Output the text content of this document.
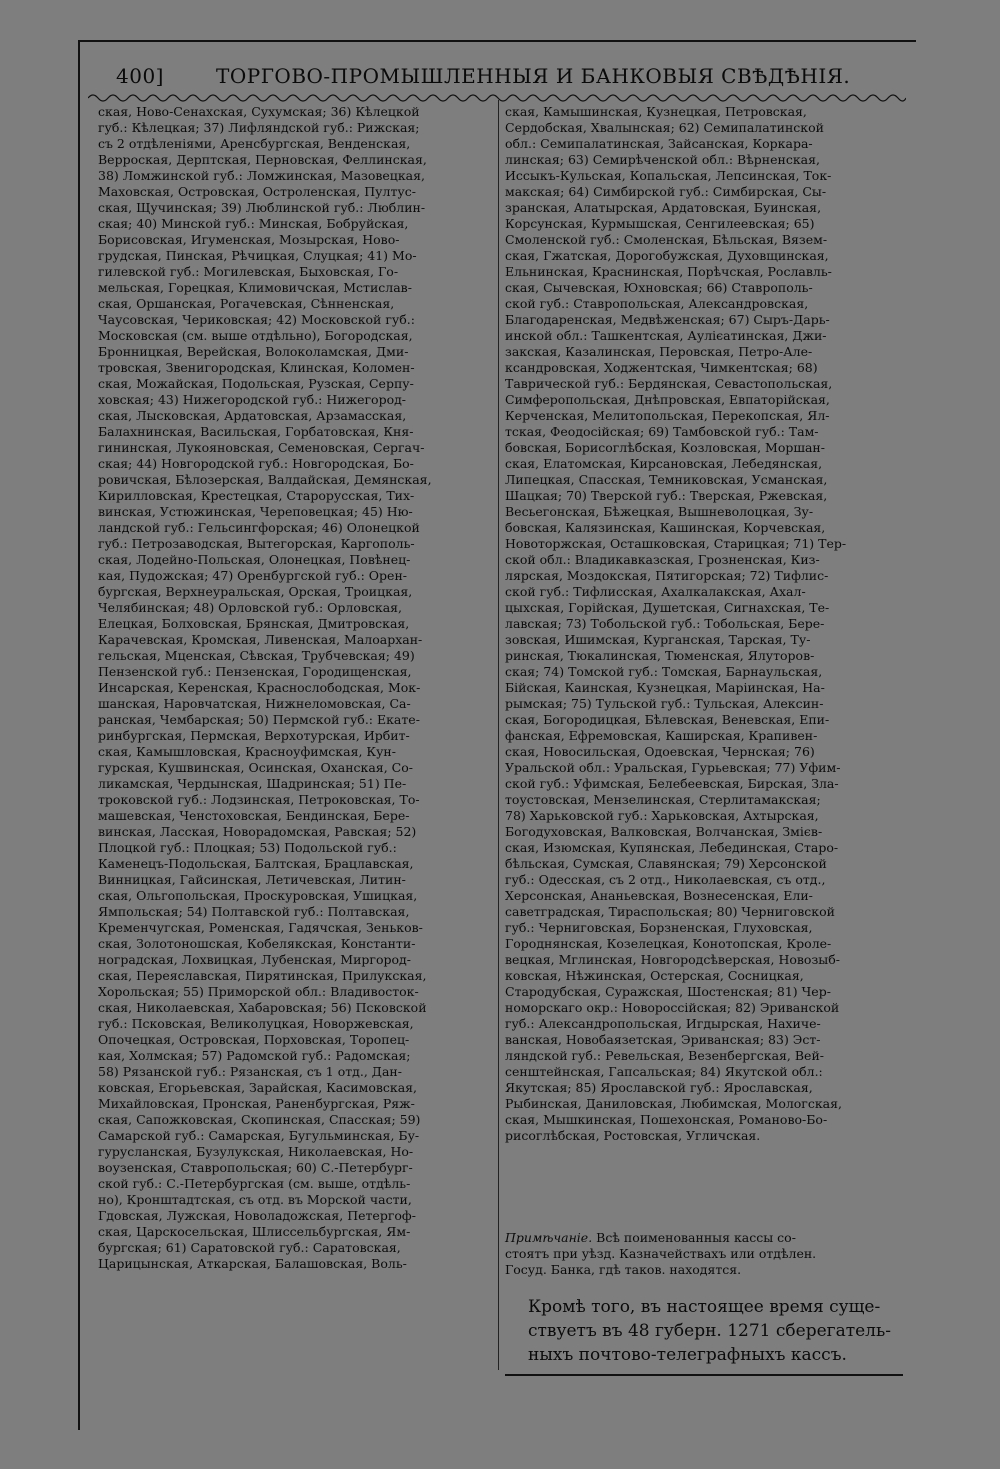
400]	ТОРГОВО-ПРОМЫШЛЕННЫЯ И БАНКОВЫЯ СВѢДѢНІЯ.
ская, Ново-Сенахская, Сухумская; 36) Кѣлецкой
губ.: Кѣлецкая; 37) Лифляндской губ.: Рижская;
съ 2 отдѣленіями, Аренсбургская, Венденская,
Верроская, Дерптская, Перновская, Феллинская,
38) Ломжинской губ.: Ломжинская, Мазовецкая,
Маховская, Островская, Остроленская, Пултус-
ская, Щучинская; 39) Люблинской губ.: Люблин-
ская; 40) Минской губ.: Минская, Бобруйская,
Борисовская, Игуменская, Мозырская, Ново-
грудская, Пинская, Рѣчицкая, Слуцкая; 41) Мо-
гилевской губ.: Могилевская, Быховская, Го-
мельская, Горецкая, Климовичская, Мстислав-
ская, Оршанская, Рогачевская, Сѣнненская,
Чаусовская, Чериковская; 42) Московской губ.:
Московская (см. выше отдѣльно), Богородская,
Бронницкая, Верейская, Волоколамская, Дми-
тровская, Звенигородская, Клинская, Коломен-
ская, Можайская, Подольская, Рузская, Серпу-
ховская; 43) Нижегородской губ.: Нижегород-
ская, Лысковская, Ардатовская, Арзамасская,
Балахнинская, Васильская, Горбатовская, Кня-
гининская, Лукояновская, Семеновская, Сергач-
ская; 44) Новгородской губ.: Новгородская, Бо-
ровичская, Бѣлозерская, Валдайская, Демянская,
Кирилловская, Крестецкая, Старорусская, Тих-
винская, Устюжинская, Череповецкая; 45) Ню-
ландской губ.: Гельсингфорская; 46) Олонецкой
губ.: Петрозаводская, Вытегорская, Каргополь-
ская, Лодейно-Польская, Олонецкая, Повѣнец-
кая, Пудожская; 47) Оренбургской губ.: Орен-
бургская, Верхнеуральская, Орская, Троицкая,
Челябинская; 48) Орловской губ.: Орловская,
Елецкая, Болховская, Брянская, Дмитровская,
Карачевская, Кромская, Ливенская, Малоархан-
гельская, Мценская, Сѣвская, Трубчевская; 49)
Пензенской губ.: Пензенская, Городищенская,
Инсарская, Керенская, Краснослободская, Мок-
шанская, Наровчатская, Нижнеломовская, Са-
ранская, Чембарская; 50) Пермской губ.: Екате-
ринбургская, Пермская, Верхотурская, Ирбит-
ская, Камышловская, Красноуфимская, Кун-
гурская, Кушвинская, Осинская, Оханская, Со-
ликамская, Чердынская, Шадринская; 51) Пе-
троковской губ.: Лодзинская, Петроковская, То-
машевская, Ченстоховская, Бендинская, Бере-
винская, Ласская, Новорадомская, Равская; 52)
Плоцкой губ.: Плоцкая; 53) Подольской губ.:
Каменецъ-Подольская, Балтская, Брацлавская,
Винницкая, Гайсинская, Летичевская, Литин-
ская, Ольгопольская, Проскуровская, Ушицкая,
Ямпольская; 54) Полтавской губ.: Полтавская,
Кременчугская, Роменская, Гадячская, Зеньков-
ская, Золотоношская, Кобелякская, Константи-
ноградская, Лохвицкая, Лубенская, Миргород-
ская, Переяславская, Пирятинская, Прилукская,
Хорольская; 55) Приморской обл.: Владивосток-
ская, Николаевская, Хабаровская; 56) Псковской
губ.: Псковская, Великолуцкая, Новоржевская,
Опочецкая, Островская, Порховская, Торопец-
кая, Холмская; 57) Радомской губ.: Радомская;
58) Рязанской губ.: Рязанская, съ 1 отд., Дан-
ковская, Егорьевская, Зарайская, Касимовская,
Михайловская, Пронская, Раненбургская, Ряж-
ская, Сапожковская, Скопинская, Спасская; 59)
Самарской губ.: Самарская, Бугульминская, Бу-
гурусланская, Бузулукская, Николаевская, Но-
воузенская, Ставропольская; 60) С.-Петербург-
ской губ.: С.-Петербургская (см. выше, отдѣль-
но), Кронштадтская, съ отд. въ Морской части,
Гдовская, Лужская, Новоладожская, Петергоф-
ская, Царскосельская, Шлиссельбургская, Ям-
бургская; 61) Саратовской губ.: Саратовская,
Царицынская, Аткарская, Балашовская, Воль-
ская, Камышинская, Кузнецкая, Петровская,
Сердобская, Хвалынская; 62) Семипалатинской
обл.: Семипалатинская, Зайсанская, Коркара-
линская; 63) Семирѣченской обл.: Вѣрненская,
Иссыкъ-Кульская, Копальская, Лепсинская, Ток-
макская; 64) Симбирской губ.: Симбирская, Сы-
зранская, Алатырская, Ардатовская, Буинская,
Корсунская, Курмышская, Сенгилеевская; 65)
Смоленской губ.: Смоленская, Бѣльская, Вязем-
ская, Гжатская, Дорогобужская, Духовщинская,
Ельнинская, Краснинская, Порѣчская, Рославль-
ская, Сычевская, Юхновская; 66) Ставрополь-
ской губ.: Ставропольская, Александровская,
Благодаренская, Медвѣженская; 67) Сыръ-Дарь-
инской обл.: Ташкентская, Аулієатинская, Джи-
закская, Казалинская, Перовская, Петро-Але-
ксандровская, Ходжентская, Чимкентская; 68)
Таврической губ.: Бердянская, Севастопольская,
Симферопольская, Днѣпровская, Евпаторійская,
Керченская, Мелитопольская, Перекопская, Ял-
тская, Феодосійская; 69) Тамбовской губ.: Там-
бовская, Борисоглѣбская, Козловская, Моршан-
ская, Елатомская, Кирсановская, Лебедянская,
Липецкая, Спасская, Темниковская, Усманская,
Шацкая; 70) Тверской губ.: Тверская, Ржевская,
Весьегонская, Бѣжецкая, Вышневолоцкая, Зу-
бовская, Калязинская, Кашинская, Корчевская,
Новоторжская, Осташковская, Старицкая; 71) Тер-
ской обл.: Владикавказская, Грозненская, Киз-
лярская, Моздокская, Пятигорская; 72) Тифлис-
ской губ.: Тифлисская, Ахалкалакская, Ахал-
цыхская, Горійская, Душетская, Сигнахская, Те-
лавская; 73) Тобольской губ.: Тобольская, Бере-
зовская, Ишимская, Курганская, Тарская, Ту-
ринская, Тюкалинская, Тюменская, Ялуторов-
ская; 74) Томской губ.: Томская, Барнаульская,
Бійская, Каинская, Кузнецкая, Маріинская, На-
рымская; 75) Тульской губ.: Тульская, Алексин-
ская, Богородицкая, Бѣлевская, Веневская, Епи-
фанская, Ефремовская, Каширская, Крапивен-
ская, Новосильская, Одоевская, Чернская; 76)
Уральской обл.: Уральская, Гурьевская; 77) Уфим-
ской губ.: Уфимская, Белебеевская, Бирская, Зла-
тоустовская, Мензелинская, Стерлитамакская;
78) Харьковской губ.: Харьковская, Ахтырская,
Богодуховская, Валковская, Волчанская, Змієв-
ская, Изюмская, Купянская, Лебединская, Старо-
бѣльская, Сумская, Славянская; 79) Херсонской
губ.: Одесская, съ 2 отд., Николаевская, съ отд.,
Херсонская, Ананьевская, Вознесенская, Ели-
саветградская, Тираспольская; 80) Черниговской
губ.: Черниговская, Борзненская, Глуховская,
Городнянская, Козелецкая, Конотопская, Кроле-
вецкая, Мглинская, Новгородсѣверская, Новозыб-
ковская, Нѣжинская, Остерская, Сосницкая,
Стародубская, Суражская, Шостенская; 81) Чер-
номорскаго окр.: Новороссійская; 82) Эриванской
губ.: Александропольская, Игдырская, Нахиче-
ванская, Новобаязетская, Эриванская; 83) Эст-
ляндской губ.: Ревельская, Везенбергская, Вей-
сенштейнская, Гапсальская; 84) Якутской обл.:
Якутская; 85) Ярославской губ.: Ярославская,
Рыбинская, Даниловская, Любимская, Мологская,
ская, Мышкинская, Пошехонская, Романово-Бо-
рисоглѣбская, Ростовская, Угличская.
Примѣчаніе. Всѣ поименованныя кассы со-
стоятъ при уѣзд. Казначействахъ или отдѣлен.
Госуд. Банка, гдѣ таков. находятся.
Кромѣ того, въ настоящее время суще-
ствуетъ въ 48 губерн. 1271 сберегатель-
ныхъ почтово-телеграфныхъ кассъ.
